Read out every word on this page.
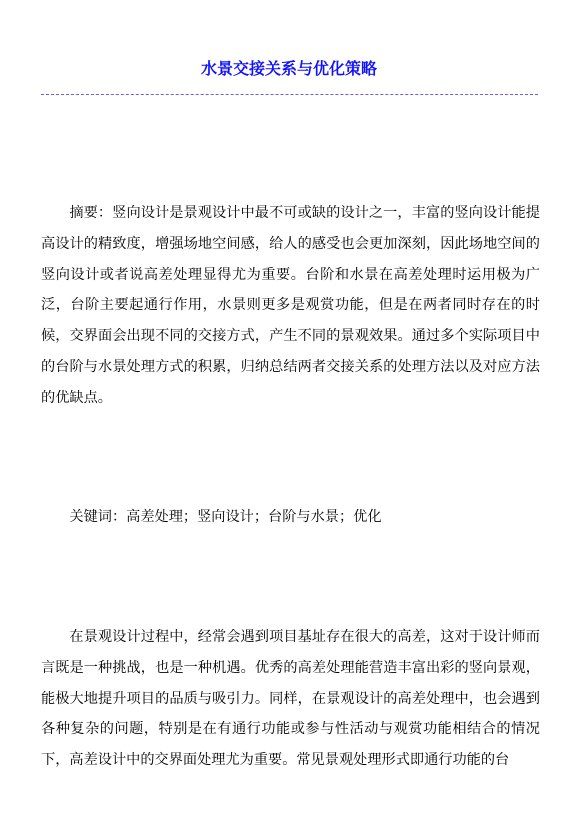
水景交接关系与优化策略

摘要：竖向设计是景观设计中最不可或缺的设计之一，丰富的竖向设计能提高设计的精致度，增强场地空间感，给人的感受也会更加深刻，因此场地空间的竖向设计或者说高差处理显得尤为重要。台阶和水景在高差处理时运用极为广泛，台阶主要起通行作用，水景则更多是观赏功能，但是在两者同时存在的时候，交界面会出现不同的交接方式，产生不同的景观效果。通过多个实际项目中的台阶与水景处理方式的积累，归纳总结两者交接关系的处理方法以及对应方法的优缺点。

关键词：高差处理；竖向设计；台阶与水景；优化

在景观设计过程中，经常会遇到项目基址存在很大的高差，这对于设计师而言既是一种挑战，也是一种机遇。优秀的高差处理能营造丰富出彩的竖向景观，能极大地提升项目的品质与吸引力。同样，在景观设计的高差处理中，也会遇到各种复杂的问题，特别是在有通行功能或参与性活动与观赏功能相结合的情况下，高差设计中的交界面处理尤为重要。常见景观处理形式即通行功能的台
